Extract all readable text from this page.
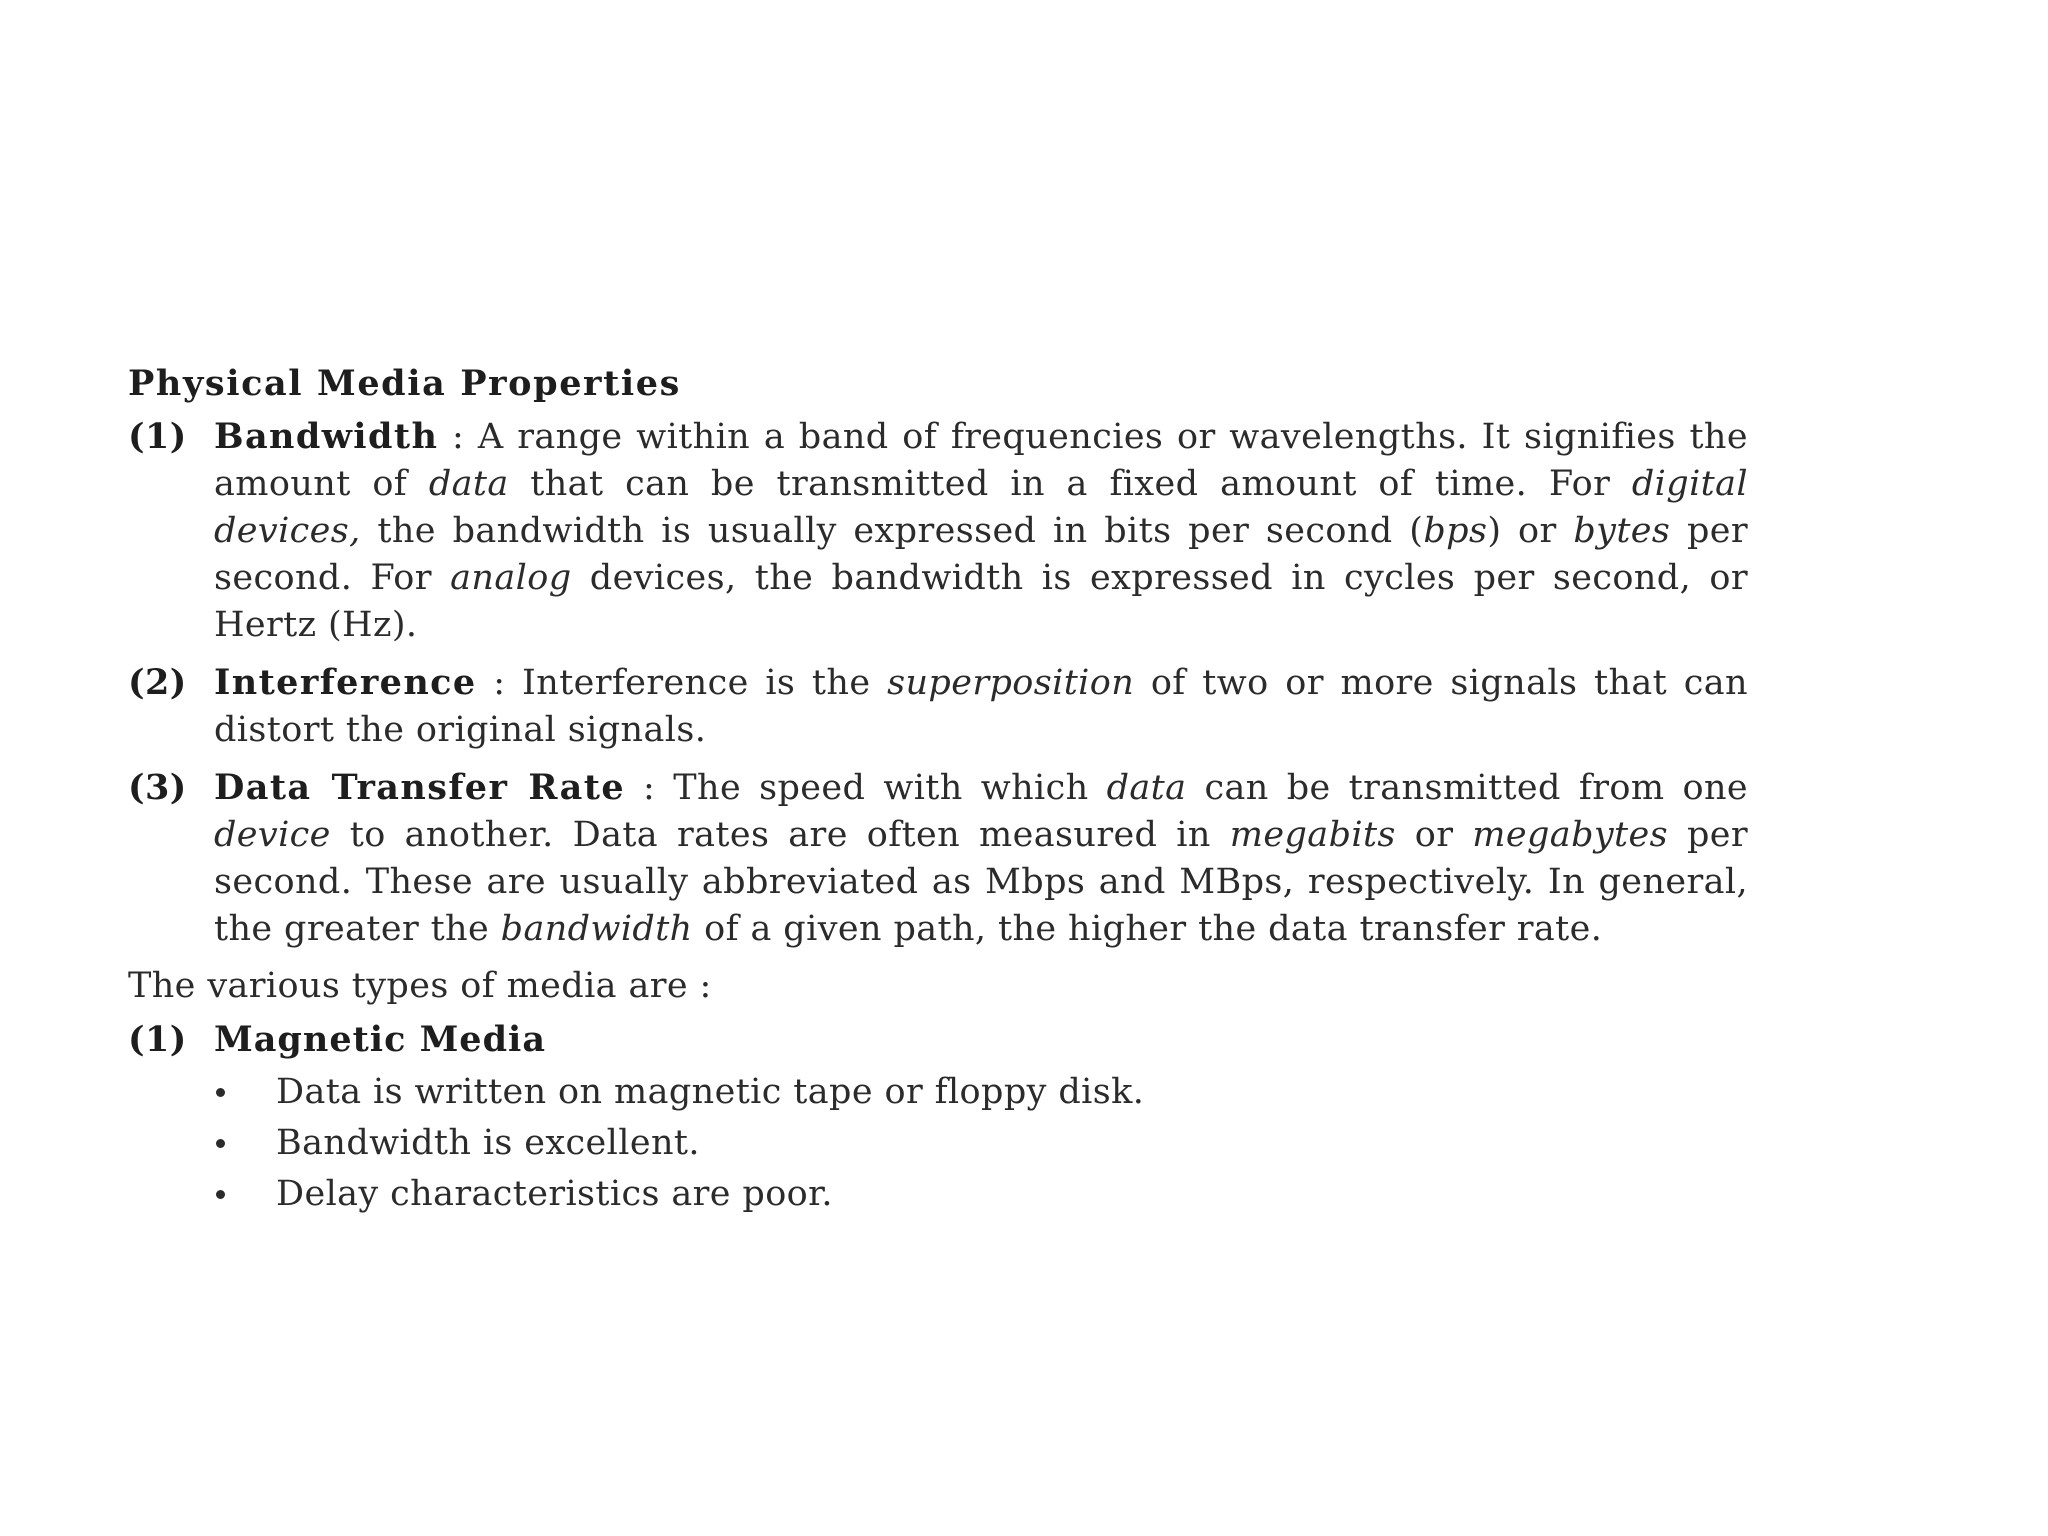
Physical Media Properties
(1) Bandwidth : A range within a band of frequencies or wavelengths. It signifies the amount of data that can be transmitted in a fixed amount of time. For digital devices, the bandwidth is usually expressed in bits per second (bps) or bytes per second. For analog devices, the bandwidth is expressed in cycles per second, or Hertz (Hz).
(2) Interference : Interference is the superposition of two or more signals that can distort the original signals.
(3) Data Transfer Rate : The speed with which data can be transmitted from one device to another. Data rates are often measured in megabits or megabytes per second. These are usually abbreviated as Mbps and MBps, respectively. In general, the greater the bandwidth of a given path, the higher the data transfer rate.
The various types of media are :
(1) Magnetic Media
Data is written on magnetic tape or floppy disk.
Bandwidth is excellent.
Delay characteristics are poor.
